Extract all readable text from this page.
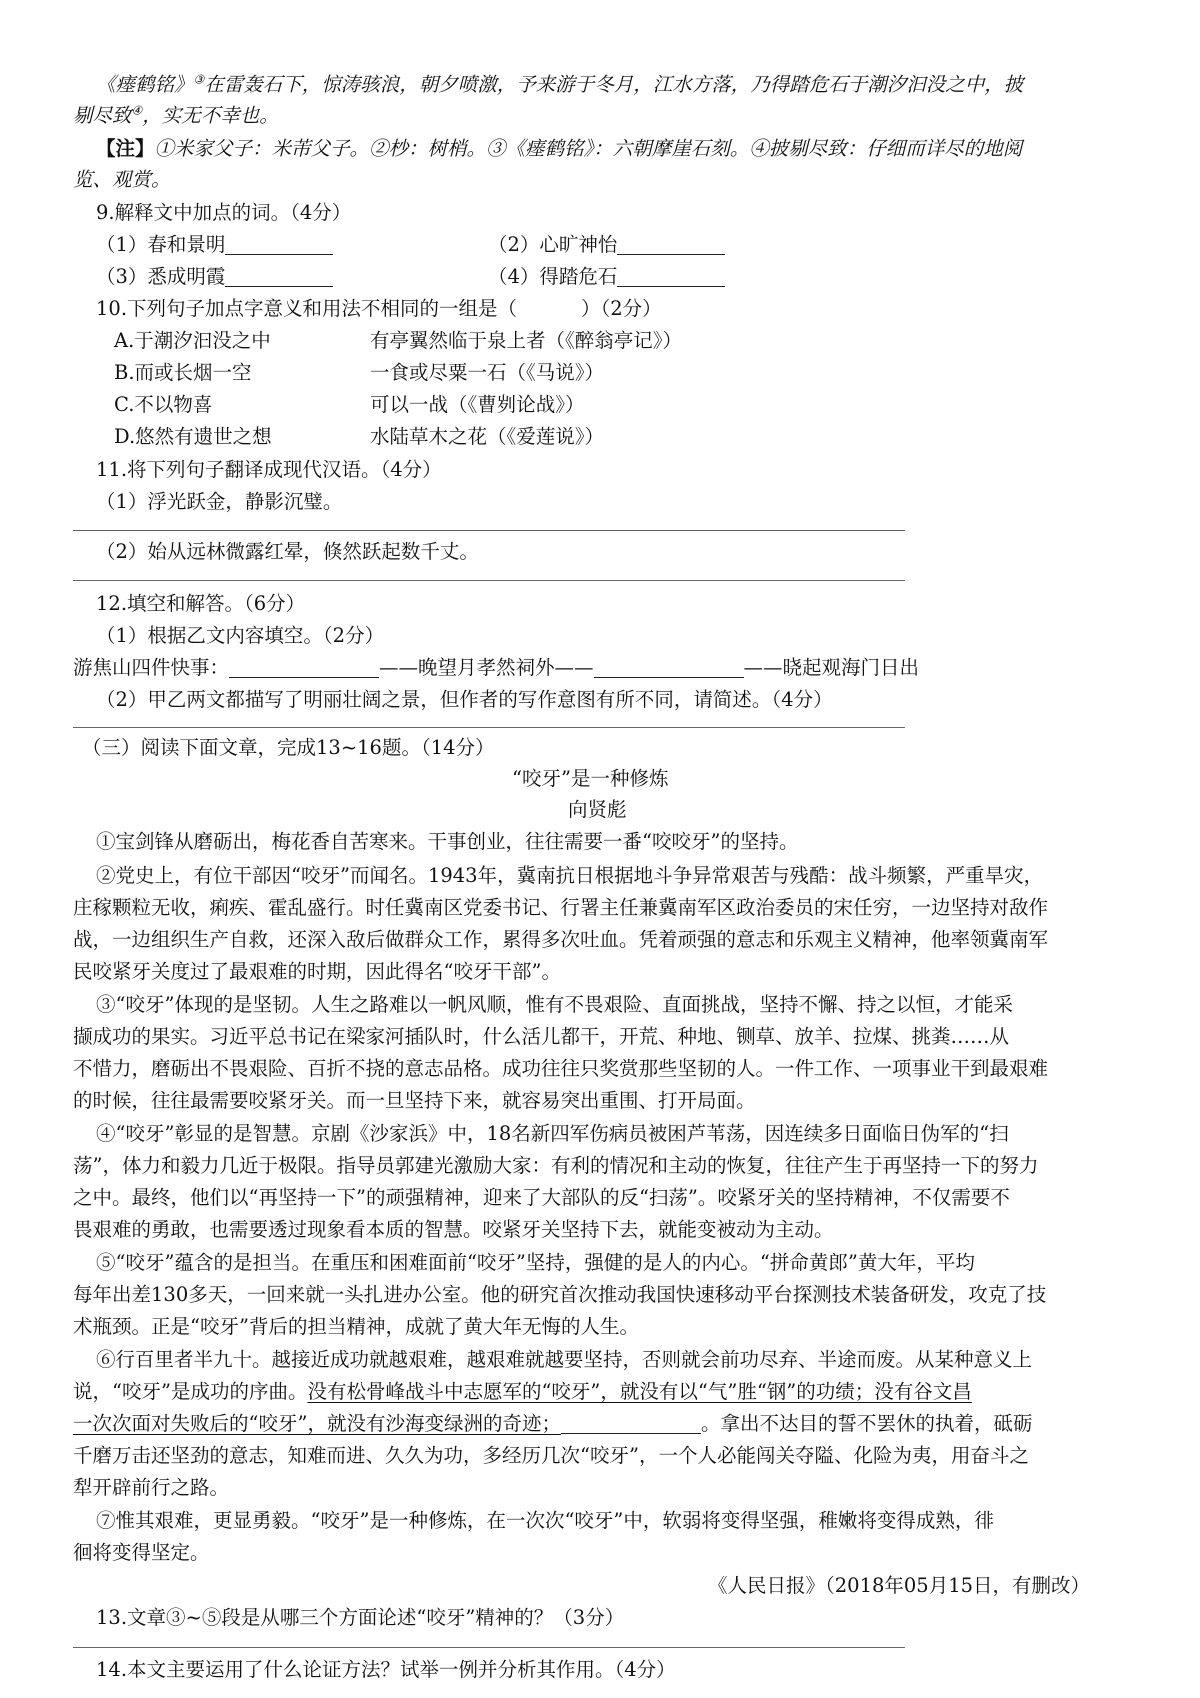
《瘗鹤铭》③在雷轰石下，惊涛骇浪，朝夕喷激，予来游于冬月，江水方落，乃得踏危石于潮汐汩没之中，披
剔尽致④，实无不幸也。
【注】①米家父子：米芾父子。②杪：树梢。③《瘗鹤铭》：六朝摩崖石刻。④披剔尽致：仔细而详尽的地阅
览、观赏。
9.解释文中加点的词。（4分）
（1）春和景明	（2）心旷神怡
（3）悉成明霞	（4）得踏危石
10.下列句子加点字意义和用法不相同的一组是（	）（2分）
A.于潮汐汩没之中	有亭翼然临于泉上者（《醉翁亭记》）
B.而或长烟一空	一食或尽粟一石（《马说》）
C.不以物喜	可以一战（《曹刿论战》）
D.悠然有遗世之想	水陆草木之花（《爱莲说》）
11.将下列句子翻译成现代汉语。（4分）
（1）浮光跃金，静影沉璧。
（2）始从远林微露红晕，倏然跃起数千丈。
12.填空和解答。（6分）
（1）根据乙文内容填空。（2分）
游焦山四件快事：	——晚望月孝然祠外——	——晓起观海门日出
（2）甲乙两文都描写了明丽壮阔之景，但作者的写作意图有所不同，请简述。（4分）
（三）阅读下面文章，完成13~16题。（14分）
“咬牙”是一种修炼
向贤彪
①宝剑锋从磨砺出，梅花香自苦寒来。干事创业，往往需要一番“咬咬牙”的坚持。
②党史上，有位干部因“咬牙”而闻名。1943年，冀南抗日根据地斗争异常艰苦与残酷：战斗频繁，严重旱灾，
庄稼颗粒无收，痢疾、霍乱盛行。时任冀南区党委书记、行署主任兼冀南军区政治委员的宋任穷，一边坚持对敌作
战，一边组织生产自救，还深入敌后做群众工作，累得多次吐血。凭着顽强的意志和乐观主义精神，他率领冀南军
民咬紧牙关度过了最艰难的时期，因此得名“咬牙干部”。
③“咬牙”体现的是坚韧。人生之路难以一帆风顺，惟有不畏艰险、直面挑战，坚持不懈、持之以恒，才能采
撷成功的果实。习近平总书记在梁家河插队时，什么活儿都干，开荒、种地、铡草、放羊、拉煤、挑粪……从
不惜力，磨砺出不畏艰险、百折不挠的意志品格。成功往往只奖赏那些坚韧的人。一件工作、一项事业干到最艰难
的时候，往往最需要咬紧牙关。而一旦坚持下来，就容易突出重围、打开局面。
④“咬牙”彰显的是智慧。京剧《沙家浜》中，18名新四军伤病员被困芦苇荡，因连续多日面临日伪军的“扫
荡”，体力和毅力几近于极限。指导员郭建光激励大家：有利的情况和主动的恢复，往往产生于再坚持一下的努力
之中。最终，他们以“再坚持一下”的顽强精神，迎来了大部队的反“扫荡”。咬紧牙关的坚持精神，不仅需要不
畏艰难的勇敢，也需要透过现象看本质的智慧。咬紧牙关坚持下去，就能变被动为主动。
⑤“咬牙”蕴含的是担当。在重压和困难面前“咬牙”坚持，强健的是人的内心。“拼命黄郎”黄大年，平均
每年出差130多天，一回来就一头扎进办公室。他的研究首次推动我国快速移动平台探测技术装备研发，攻克了技
术瓶颈。正是“咬牙”背后的担当精神，成就了黄大年无悔的人生。
⑥行百里者半九十。越接近成功就越艰难，越艰难就越要坚持，否则就会前功尽弃、半途而废。从某种意义上
说，“咬牙”是成功的序曲。没有松骨峰战斗中志愿军的“咬牙”，就没有以“气”胜“钢”的功绩；没有谷文昌
一次次面对失败后的“咬牙”，就没有沙海变绿洲的奇迹；	。拿出不达目的誓不罢休的执着，砥砺
千磨万击还坚劲的意志，知难而进、久久为功，多经历几次“咬牙”，一个人必能闯关夺隘、化险为夷，用奋斗之
犁开辟前行之路。
⑦惟其艰难，更显勇毅。“咬牙”是一种修炼，在一次次“咬牙”中，软弱将变得坚强，稚嫩将变得成熟，徘
徊将变得坚定。
《人民日报》（2018年05月15日，有删改）
13.文章③~⑤段是从哪三个方面论述“咬牙”精神的？（3分）
14.本文主要运用了什么论证方法？试举一例并分析其作用。（4分）
